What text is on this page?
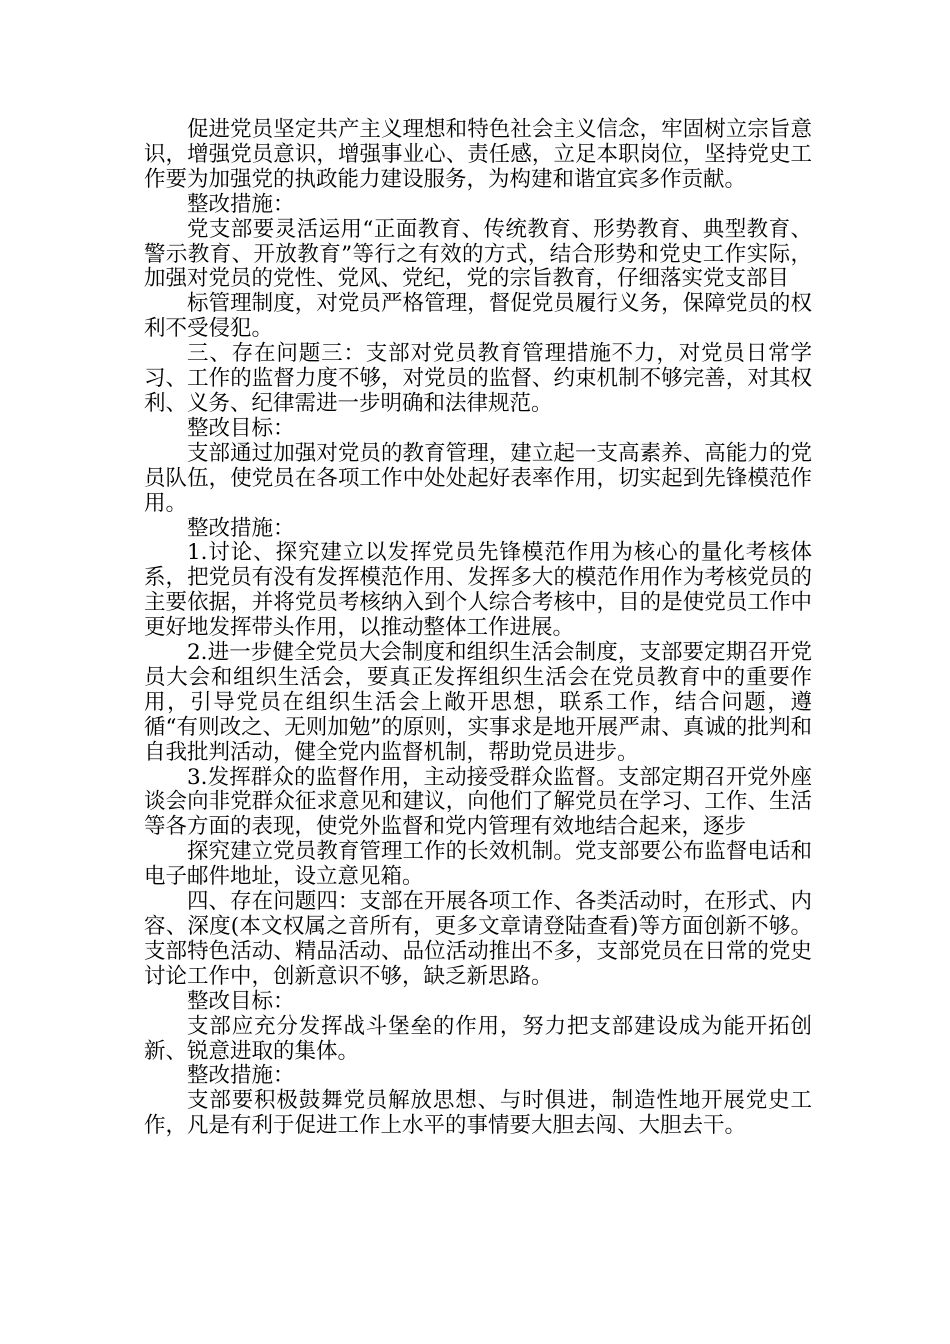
促进党员坚定共产主义理想和特色社会主义信念，牢固树立宗旨意识，增强党员意识，增强事业心、责任感，立足本职岗位，坚持党史工作要为加强党的执政能力建设服务，为构建和谐宜宾多作贡献。

整改措施：

党支部要灵活运用“正面教育、传统教育、形势教育、典型教育、警示教育、开放教育”等行之有效的方式，结合形势和党史工作实际，加强对党员的党性、党风、党纪，党的宗旨教育，仔细落实党支部目

标管理制度，对党员严格管理，督促党员履行义务，保障党员的权利不受侵犯。

三、存在问题三：支部对党员教育管理措施不力，对党员日常学习、工作的监督力度不够，对党员的监督、约束机制不够完善，对其权利、义务、纪律需进一步明确和法律规范。

整改目标：

支部通过加强对党员的教育管理，建立起一支高素养、高能力的党员队伍，使党员在各项工作中处处起好表率作用，切实起到先锋模范作用。

整改措施：

1.讨论、探究建立以发挥党员先锋模范作用为核心的量化考核体系，把党员有没有发挥模范作用、发挥多大的模范作用作为考核党员的主要依据，并将党员考核纳入到个人综合考核中，目的是使党员工作中更好地发挥带头作用，以推动整体工作进展。

2.进一步健全党员大会制度和组织生活会制度，支部要定期召开党员大会和组织生活会，要真正发挥组织生活会在党员教育中的重要作用，引导党员在组织生活会上敞开思想，联系工作，结合问题，遵循“有则改之、无则加勉”的原则，实事求是地开展严肃、真诚的批判和自我批判活动，健全党内监督机制，帮助党员进步。

3.发挥群众的监督作用，主动接受群众监督。支部定期召开党外座谈会向非党群众征求意见和建议，向他们了解党员在学习、工作、生活等各方面的表现，使党外监督和党内管理有效地结合起来，逐步

探究建立党员教育管理工作的长效机制。党支部要公布监督电话和电子邮件地址，设立意见箱。

四、存在问题四：支部在开展各项工作、各类活动时，在形式、内容、深度(本文权属之音所有，更多文章请登陆查看)等方面创新不够。支部特色活动、精品活动、品位活动推出不多，支部党员在日常的党史讨论工作中，创新意识不够，缺乏新思路。

整改目标：

支部应充分发挥战斗堡垒的作用，努力把支部建设成为能开拓创新、锐意进取的集体。

整改措施：

支部要积极鼓舞党员解放思想、与时俱进，制造性地开展党史工作，凡是有利于促进工作上水平的事情要大胆去闯、大胆去干。
